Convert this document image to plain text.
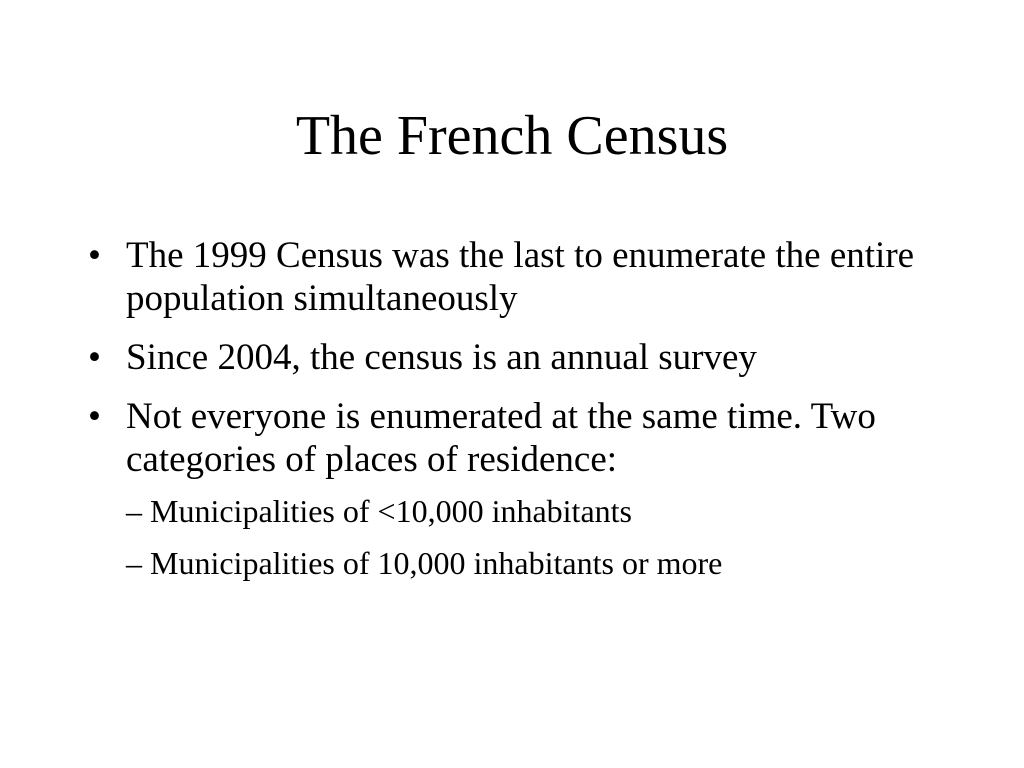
The French Census
• The 1999 Census was the last to enumerate the entire population simultaneously
• Since 2004, the census is an annual survey
• Not everyone is enumerated at the same time. Two categories of places of residence:
– Municipalities of <10,000 inhabitants
– Municipalities of 10,000 inhabitants or more
